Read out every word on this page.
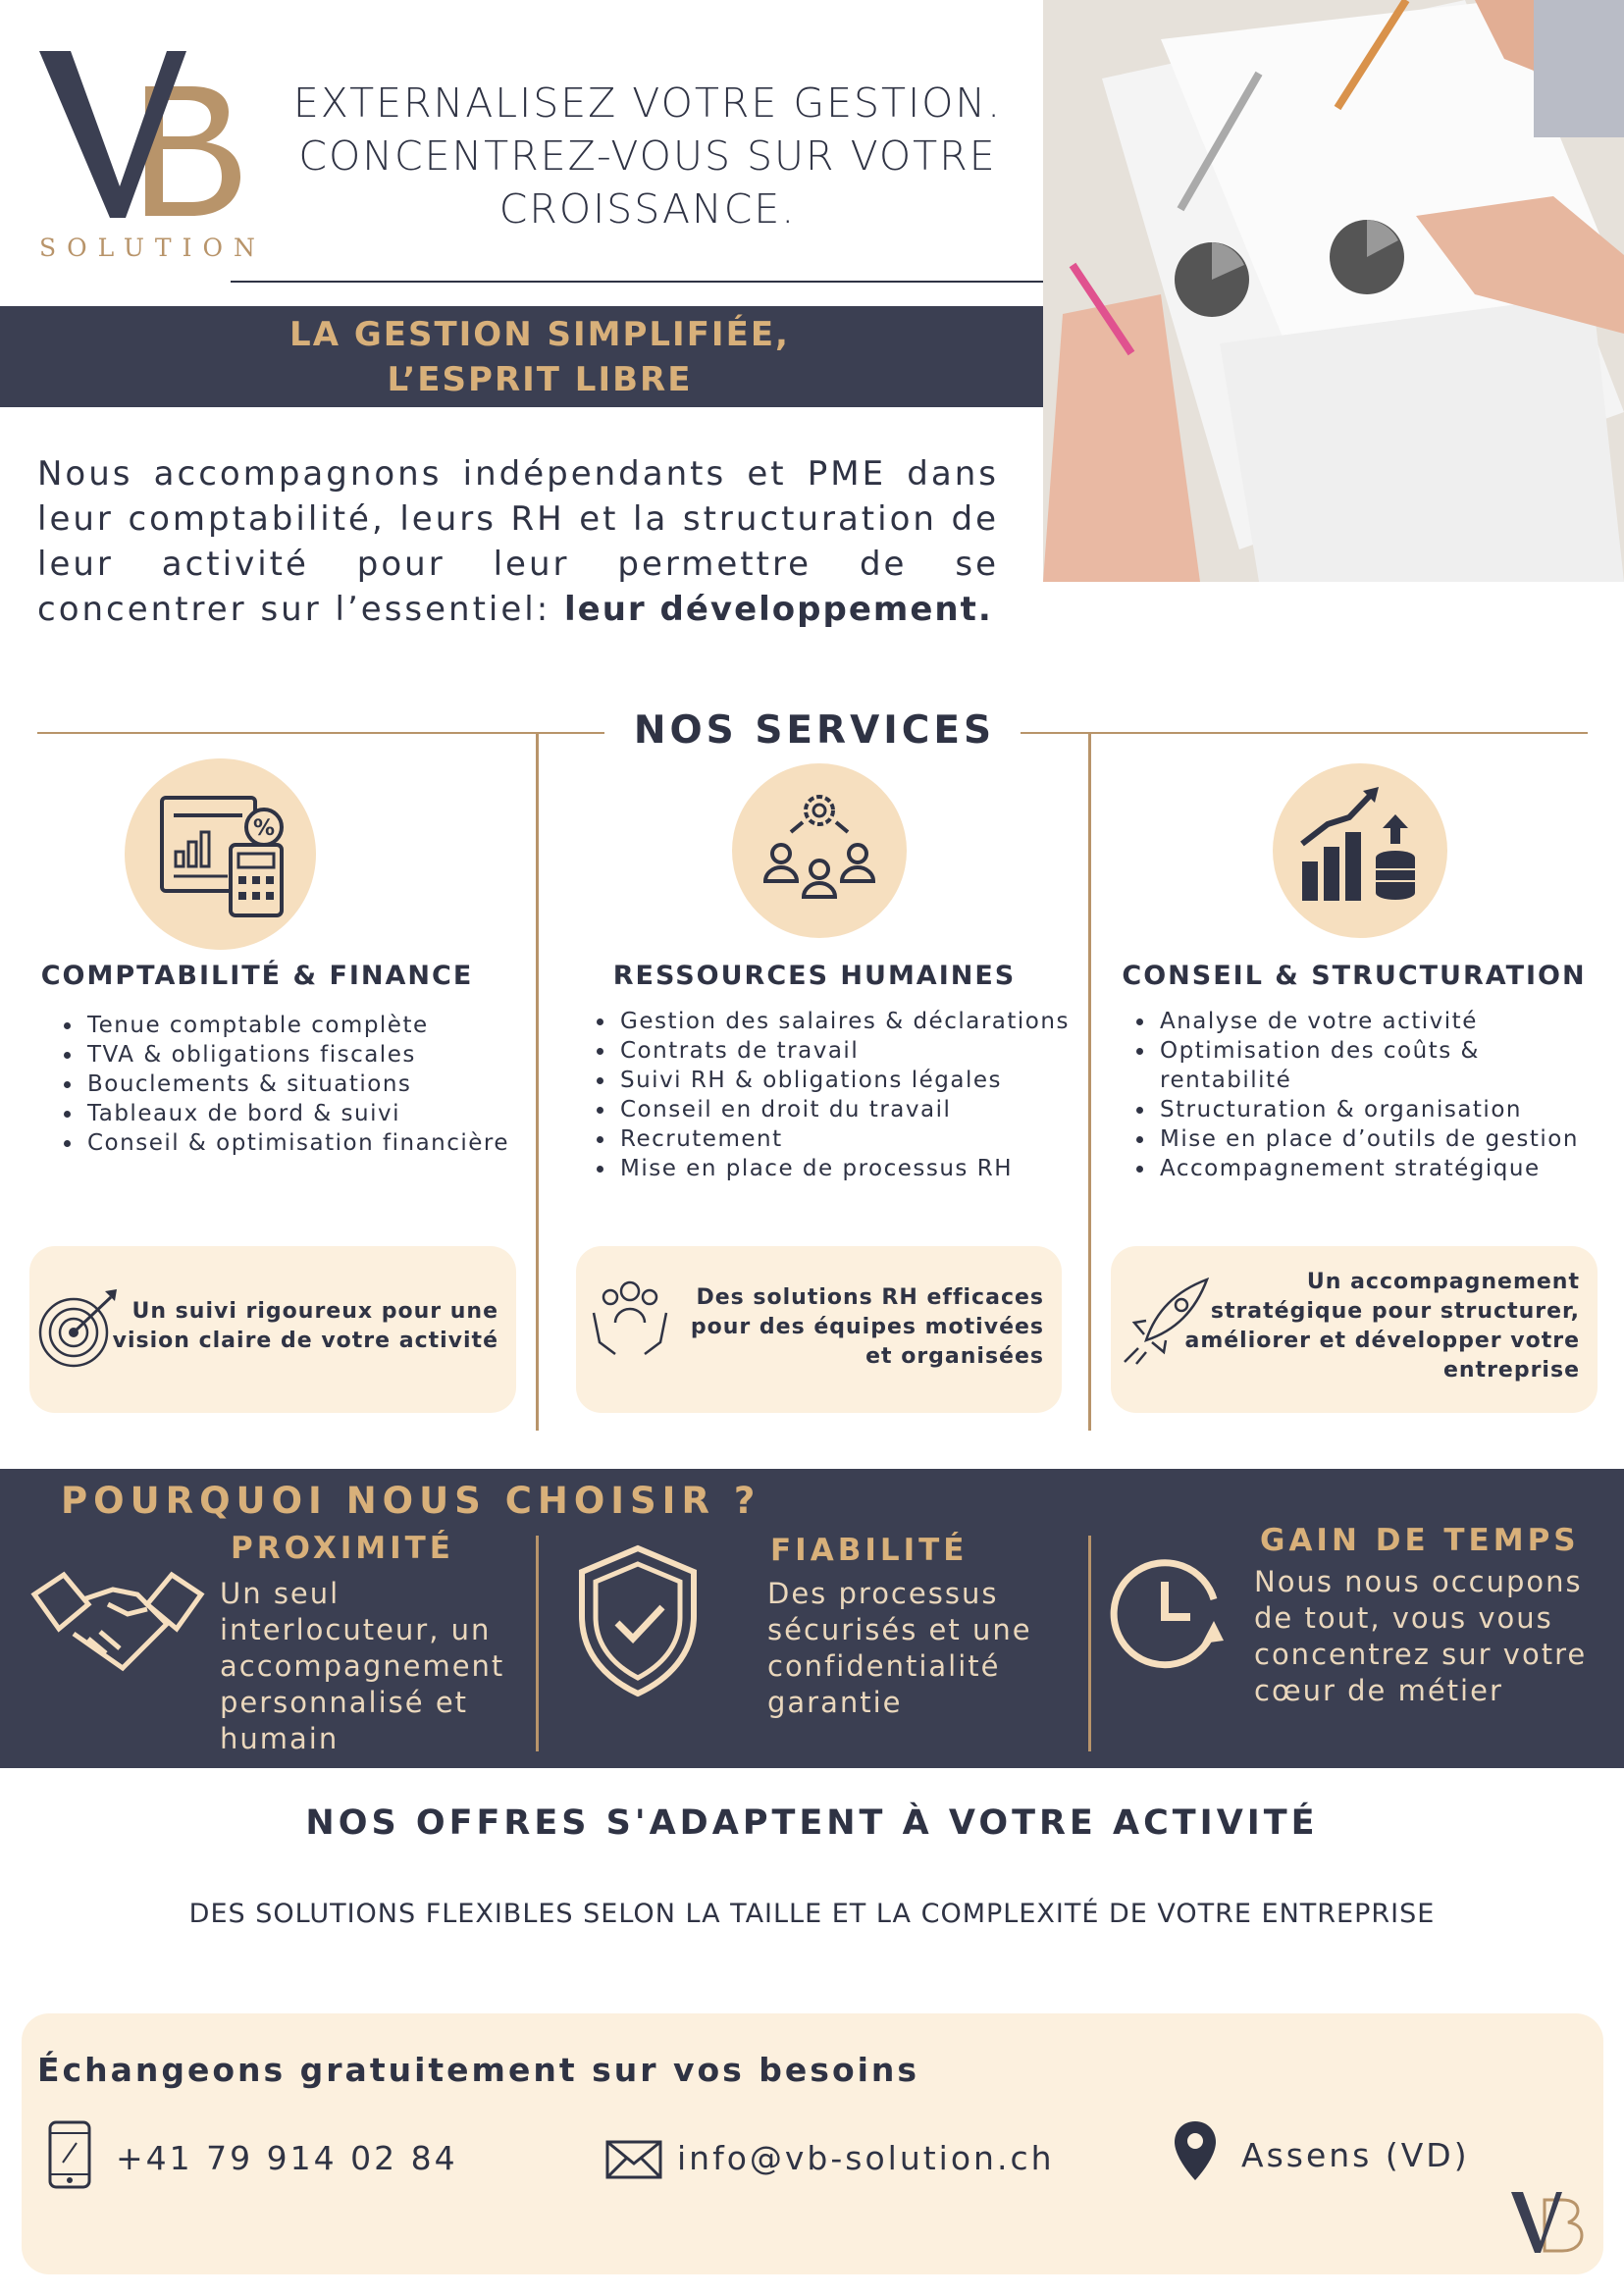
SOLUTION
EXTERNALISEZ VOTRE GESTION.
CONCENTREZ-VOUS SUR VOTRE
CROISSANCE.
LA GESTION SIMPLIFIÉE,
L’ESPRIT LIBRE
Nous accompagnons indépendants et PME dans leur comptabilité, leurs RH et la structuration de leur activité pour leur permettre de se concentrer sur l’essentiel: leur développement.
NOS SERVICES
%
COMPTABILITÉ & FINANCE	RESSOURCES HUMAINES	CONSEIL & STRUCTURATION
• Tenue comptable complète
• TVA & obligations fiscales
• Bouclements & situations
• Tableaux de bord & suivi
• Conseil & optimisation financière
• Gestion des salaires & déclarations
• Contrats de travail
• Suivi RH & obligations légales
• Conseil en droit du travail
• Recrutement
• Mise en place de processus RH
• Analyse de votre activité
• Optimisation des coûts & rentabilité
• Structuration & organisation
• Mise en place d’outils de gestion
• Accompagnement stratégique
Un suivi rigoureux pour une
vision claire de votre activité
Des solutions RH efficaces
pour des équipes motivées
et organisées
Un accompagnement
stratégique pour structurer,
améliorer et développer votre
entreprise
POURQUOI NOUS CHOISIR ?
PROXIMITÉ
Un seul
interlocuteur, un
accompagnement
personnalisé et
humain
FIABILITÉ
Des processus
sécurisés et une
confidentialité
garantie
GAIN DE TEMPS
Nous nous occupons
de tout, vous vous
concentrez sur votre
cœur de métier
NOS OFFRES S'ADAPTENT À VOTRE ACTIVITÉ
DES SOLUTIONS FLEXIBLES SELON LA TAILLE ET LA COMPLEXITÉ DE VOTRE ENTREPRISE
Échangeons gratuitement sur vos besoins
+41 79 914 02 84	info@vb-solution.ch	Assens (VD)
